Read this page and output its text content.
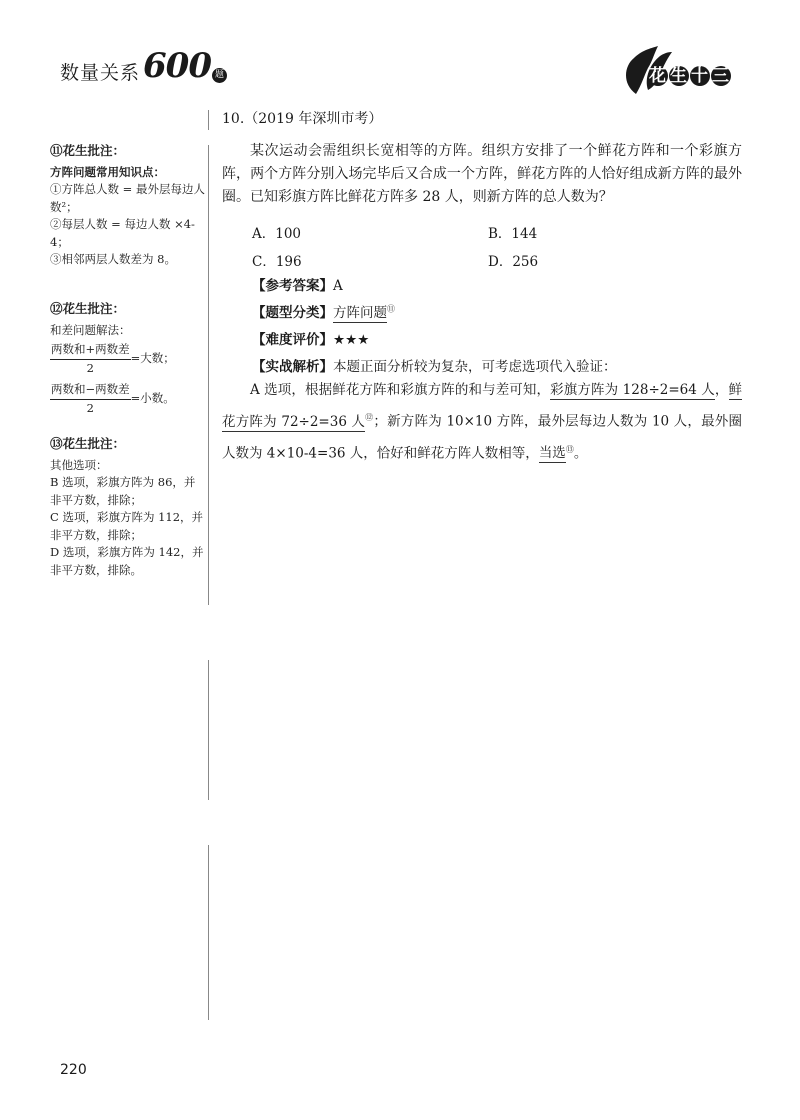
数量关系 600 题	花 生 十 三
⑪花生批注：
方阵问题常用知识点：
①方阵总人数 = 最外层每边人数²；
②每层人数 = 每边人数 ×4-4；
③相邻两层人数差为 8。
⑫花生批注：
和差问题解法：
$\frac{\text{两数和+两数差}}{2}$ =大数；
$\frac{\text{两数和−两数差}}{2}$ =小数。
⑬花生批注：
其他选项：
B 选项，彩旗方阵为 86，并非平方数，排除；
C 选项，彩旗方阵为 112，并非平方数，排除；
D 选项，彩旗方阵为 142，并非平方数，排除。
10.（2019 年深圳市考）
某次运动会需组织长宽相等的方阵。组织方安排了一个鲜花方阵和一个彩旗方阵，两个方阵分别入场完毕后又合成一个方阵，鲜花方阵的人恰好组成新方阵的最外圈。已知彩旗方阵比鲜花方阵多 28 人，则新方阵的总人数为？
A．100	B．144
C．196	D．256
【参考答案】A
【题型分类】方阵问题⑪
【难度评价】★★★
【实战解析】本题正面分析较为复杂，可考虑选项代入验证：
A 选项，根据鲜花方阵和彩旗方阵的和与差可知，彩旗方阵为 128÷2=64 人，鲜花方阵为 72÷2=36 人⑫；新方阵为 10×10 方阵，最外层每边人数为 10 人，最外圈人数为 4×10-4=36 人，恰好和鲜花方阵人数相等，当选⑬。
220
